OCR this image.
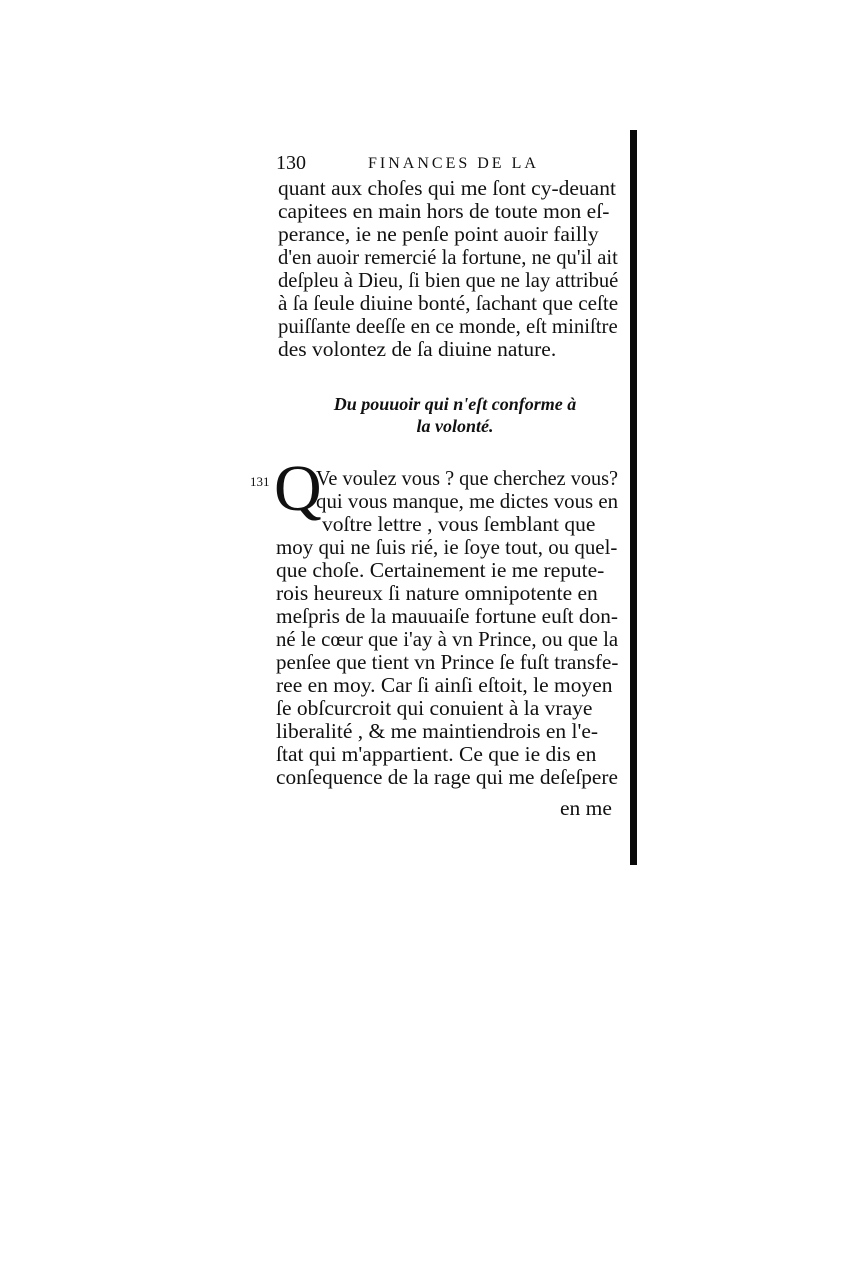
130	FINANCES DE LA
quant aux choſes qui me ſont cy-deuant
capitees en main hors de toute mon eſ-
perance, ie ne penſe point auoir failly
d'en auoir remercié la fortune, ne qu'il ait
deſpleu à Dieu, ſi bien que ne lay attribué
à ſa ſeule diuine bonté, ſachant que ceſte
puiſſante deeſſe en ce monde, eſt miniſtre
des volontez de ſa diuine nature.
Du pouuoir qui n'eſt conforme à
la volonté.
131 Q
Ve voulez vous ? que cherchez vous?
qui vous manque, me dictes vous en
voſtre lettre , vous ſemblant que
moy qui ne ſuis rié, ie ſoye tout, ou quel-
que choſe. Certainement ie me repute-
rois heureux ſi nature omnipotente en
meſpris de la mauuaiſe fortune euſt don-
né le cœur que i'ay à vn Prince, ou que la
penſee que tient vn Prince ſe fuſt transfe-
ree en moy. Car ſi ainſi eſtoit, le moyen
ſe obſcurcroit qui conuient à la vraye
liberalité , & me maintiendrois en l'e-
ſtat qui m'appartient. Ce que ie dis en
conſequence de la rage qui me deſeſpere
en me
